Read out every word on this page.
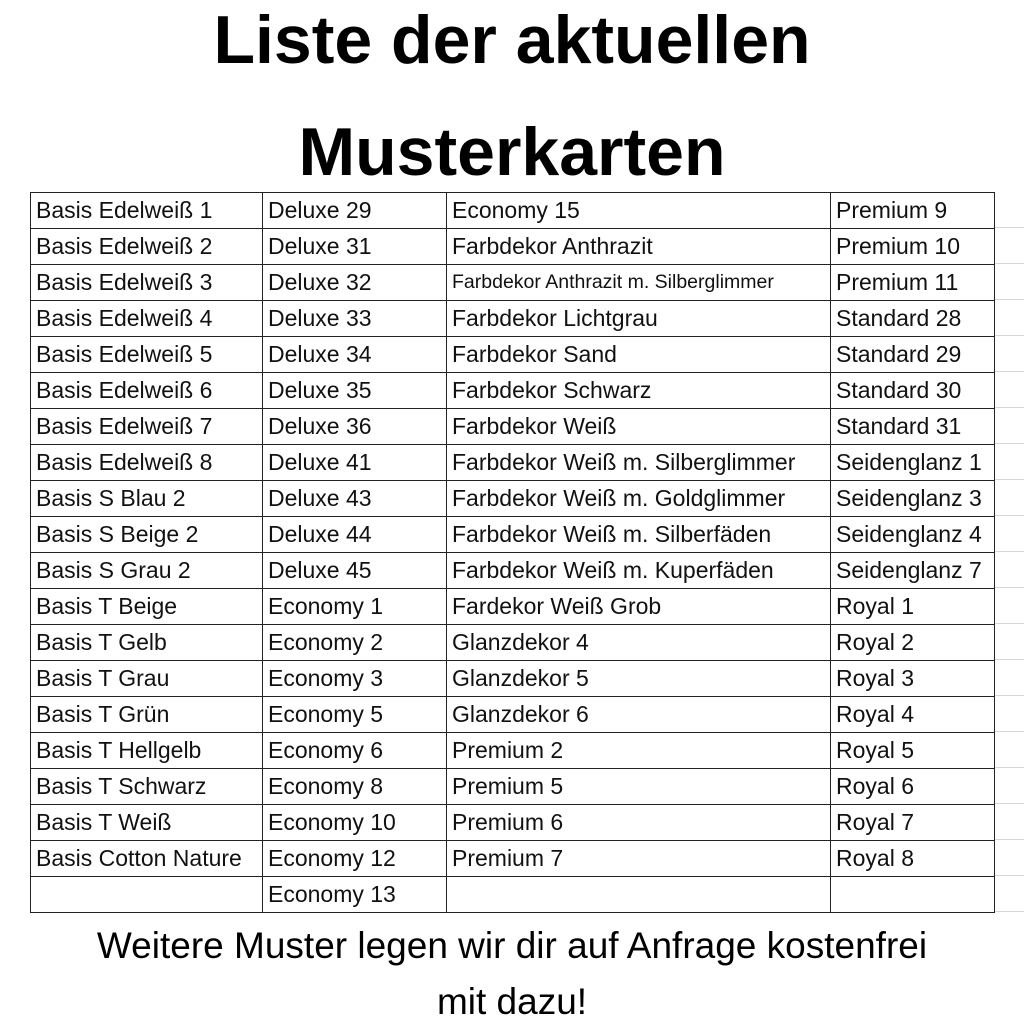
Liste der aktuellen
Musterkarten
Basis Edelweiß 1	Deluxe 29	Economy 15	Premium 9
Basis Edelweiß 2	Deluxe 31	Farbdekor Anthrazit	Premium 10
Basis Edelweiß 3	Deluxe 32	Farbdekor Anthrazit m. Silberglimmer	Premium 11
Basis Edelweiß 4	Deluxe 33	Farbdekor Lichtgrau	Standard 28
Basis Edelweiß 5	Deluxe 34	Farbdekor Sand	Standard 29
Basis Edelweiß 6	Deluxe 35	Farbdekor Schwarz	Standard 30
Basis Edelweiß 7	Deluxe 36	Farbdekor Weiß	Standard 31
Basis Edelweiß 8	Deluxe 41	Farbdekor Weiß m. Silberglimmer	Seidenglanz 1
Basis S Blau 2	Deluxe 43	Farbdekor Weiß m. Goldglimmer	Seidenglanz 3
Basis S Beige 2	Deluxe 44	Farbdekor Weiß m. Silberfäden	Seidenglanz 4
Basis S Grau 2	Deluxe 45	Farbdekor Weiß m. Kuperfäden	Seidenglanz 7
Basis T Beige	Economy 1	Fardekor Weiß Grob	Royal 1
Basis T Gelb	Economy 2	Glanzdekor 4	Royal 2
Basis T Grau	Economy 3	Glanzdekor 5	Royal 3
Basis T Grün	Economy 5	Glanzdekor 6	Royal 4
Basis T Hellgelb	Economy 6	Premium 2	Royal 5
Basis T Schwarz	Economy 8	Premium 5	Royal 6
Basis T Weiß	Economy 10	Premium 6	Royal 7
Basis Cotton Nature	Economy 12	Premium 7	Royal 8
	Economy 13		
Weitere Muster legen wir dir auf Anfrage kostenfrei
mit dazu!
